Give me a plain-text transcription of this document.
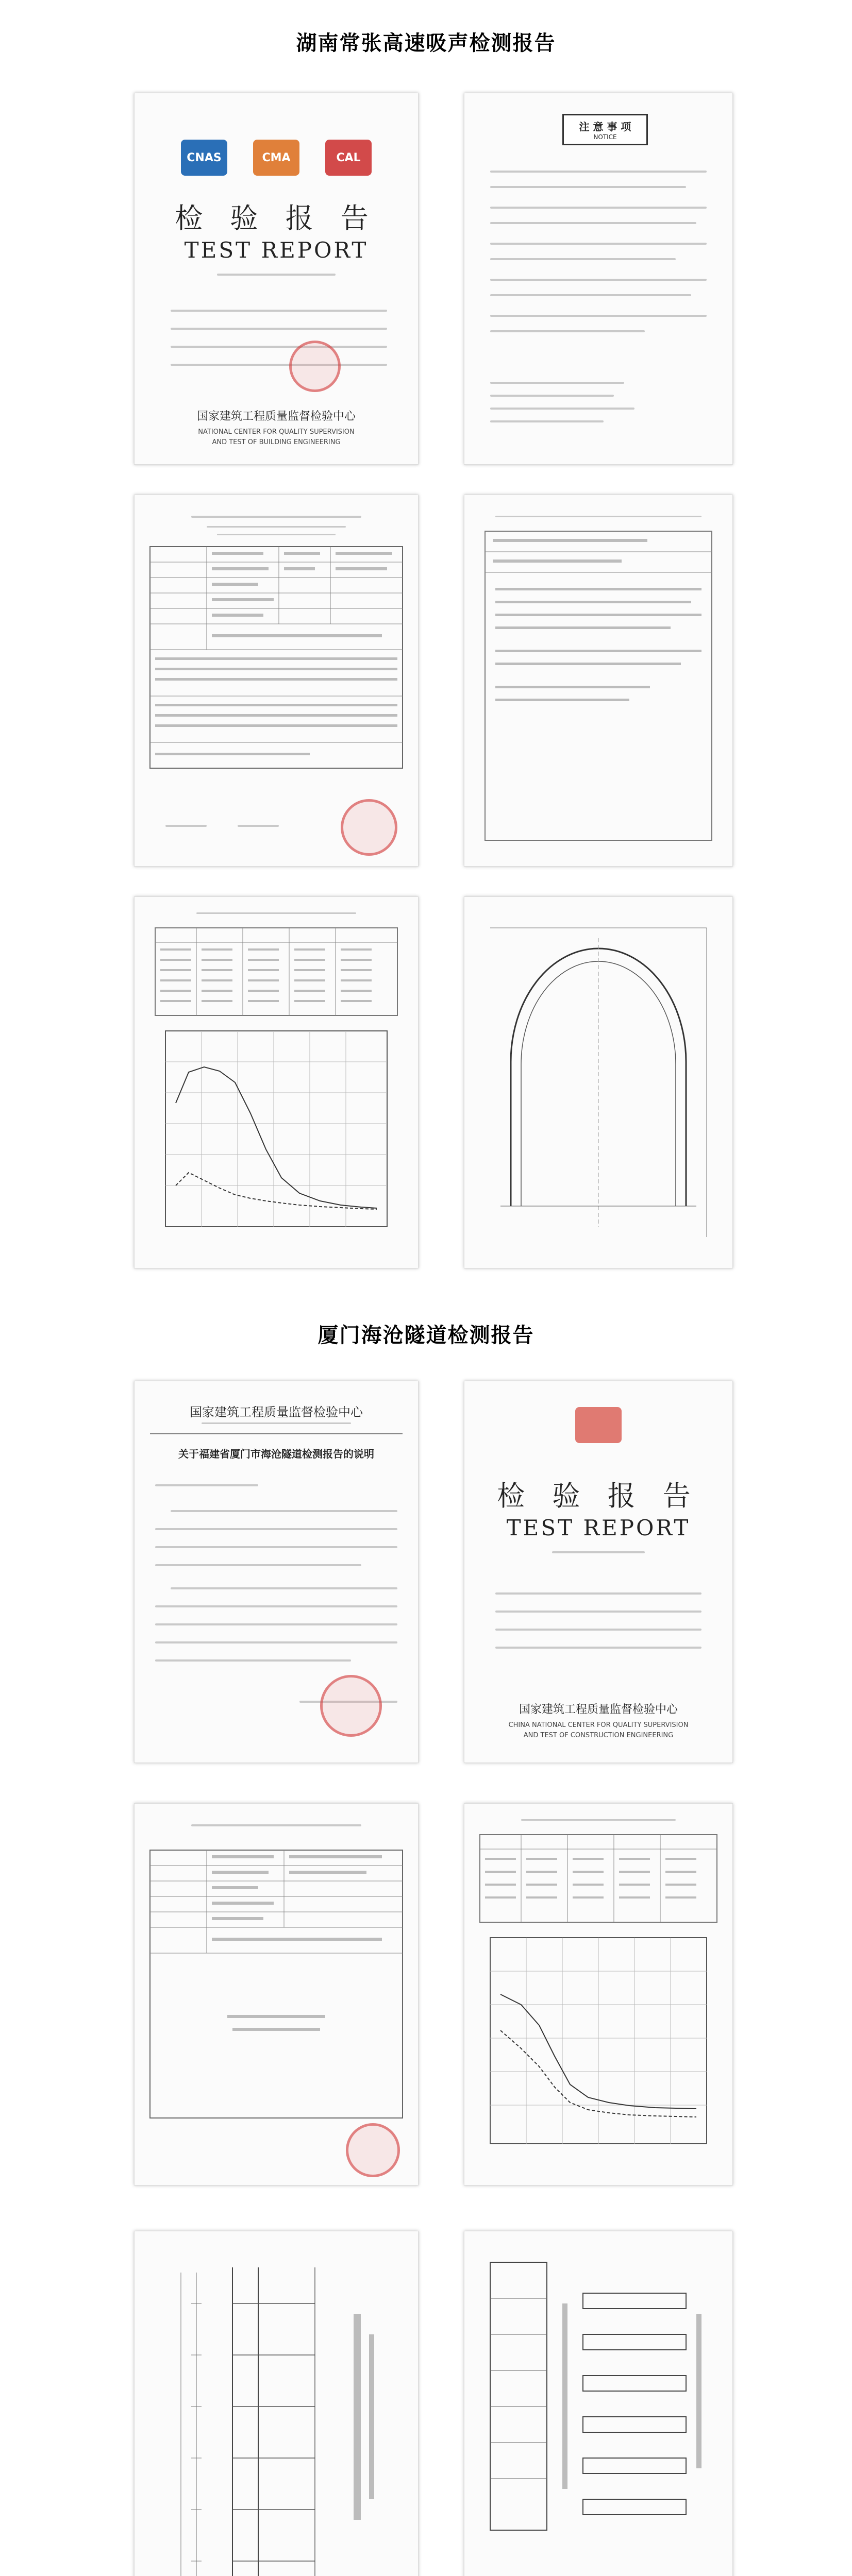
湖南常张高速吸声检测报告
CNAS	CMA	CAL
检 验 报 告
TEST REPORT
国家建筑工程质量监督检验中心
NATIONAL CENTER FOR QUALITY SUPERVISION
AND TEST OF BUILDING ENGINEERING
注 意 事 项
NOTICE
厦门海沧隧道检测报告
国家建筑工程质量监督检验中心
关于福建省厦门市海沧隧道检测报告的说明
检 验 报 告
TEST REPORT
国家建筑工程质量监督检验中心
CHINA NATIONAL CENTER FOR QUALITY SUPERVISION
AND TEST OF CONSTRUCTION ENGINEERING
